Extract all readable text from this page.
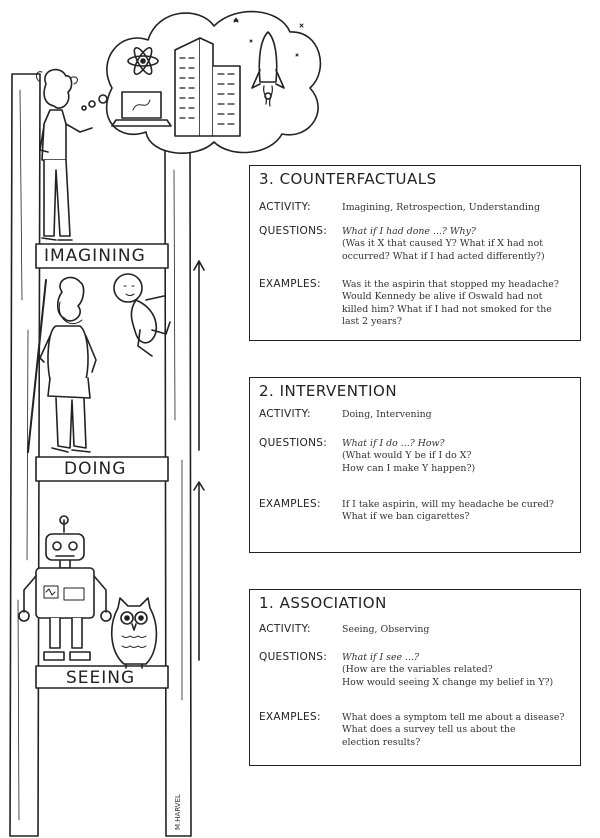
IMAGINING
DOING
SEEING
3. COUNTERFACTUALS
ACTIVITY:	Imagining, Retrospection, Understanding
QUESTIONS: What if I had done ...? Why?
(Was it X that caused Y? What if X had not
occurred? What if I had acted differently?)
EXAMPLES: Was it the aspirin that stopped my headache?
Would Kennedy be alive if Oswald had not
killed him? What if I had not smoked for the
last 2 years?
2. INTERVENTION
ACTIVITY:	Doing, Intervening
QUESTIONS: What if I do ...? How?
(What would Y be if I do X?
How can I make Y happen?)
EXAMPLES: If I take aspirin, will my headache be cured?
What if we ban cigarettes?
1. ASSOCIATION
ACTIVITY:	Seeing, Observing
QUESTIONS: What if I see ...?
(How are the variables related?
How would seeing X change my belief in Y?)
EXAMPLES: What does a symptom tell me about a disease?
What does a survey tell us about the
election results?
M.HARVEL
